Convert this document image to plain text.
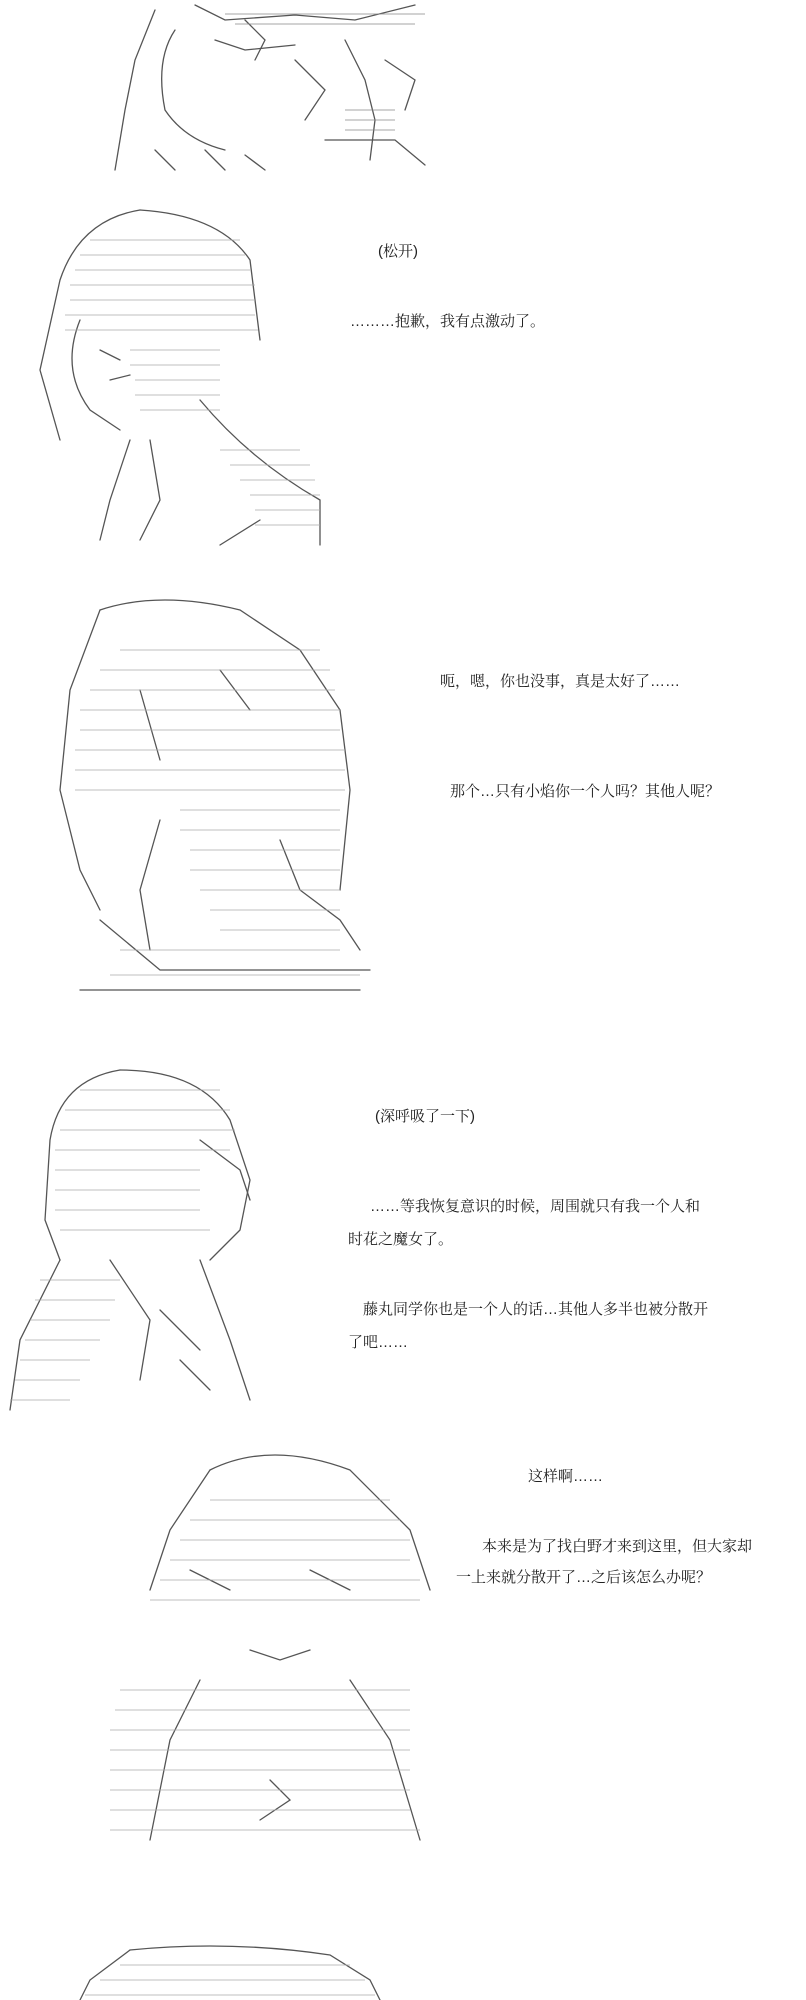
(松开)
………抱歉，我有点激动了。
呃，嗯，你也没事，真是太好了……
那个…只有小焰你一个人吗？其他人呢？
(深呼吸了一下)
……等我恢复意识的时候，周围就只有我一个人和
时花之魔女了。
藤丸同学你也是一个人的话…其他人多半也被分散开
了吧……
这样啊……
本来是为了找白野才来到这里，但大家却
一上来就分散开了…之后该怎么办呢？
